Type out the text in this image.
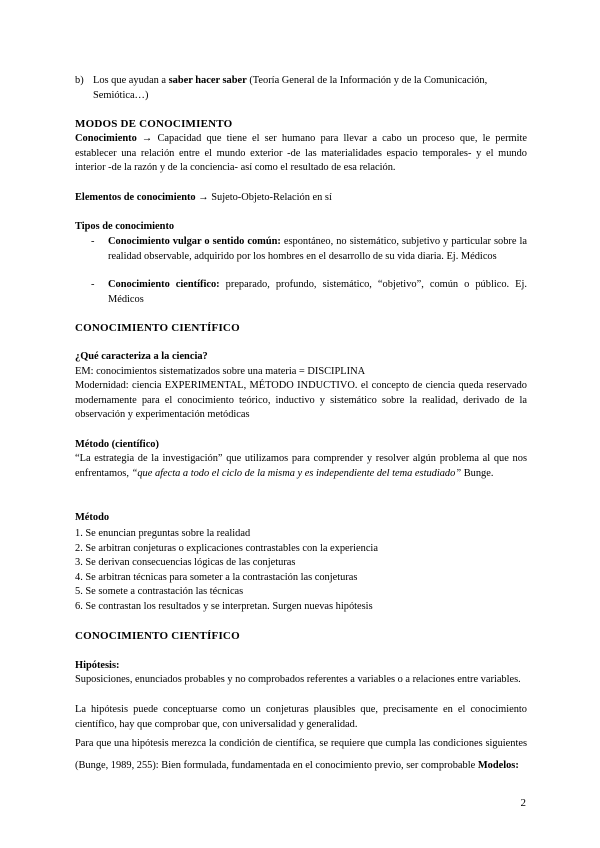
b) Los que ayudan a saber hacer saber (Teoría General de la Información y de la Comunicación,
Semiótica…)
MODOS DE CONOCIMIENTO
Conocimiento → Capacidad que tiene el ser humano para llevar a cabo un proceso que, le permite establecer una relación entre el mundo exterior -de las materialidades espacio temporales- y el mundo interior -de la razón y de la conciencia- así como el resultado de esa relación.
Elementos de conocimiento → Sujeto-Objeto-Relación en sí
Tipos de conocimiento
- Conocimiento vulgar o sentido común: espontáneo, no sistemático, subjetivo y particular sobre la realidad observable, adquirido por los hombres en el desarrollo de su vida diaria. Ej. Médicos
- Conocimiento científico: preparado, profundo, sistemático, “objetivo”, común o público. Ej. Médicos
CONOCIMIENTO CIENTÍFICO
¿Qué caracteriza a la ciencia?
EM: conocimientos sistematizados sobre una materia = DISCIPLINA
Modernidad: ciencia EXPERIMENTAL, MÉTODO INDUCTIVO. el concepto de ciencia queda reservado modernamente para el conocimiento teórico, inductivo y sistemático sobre la realidad, derivado de la observación y experimentación metódicas
Método (científico)
“La estrategia de la investigación” que utilizamos para comprender y resolver algún problema al que nos enfrentamos, “que afecta a todo el ciclo de la misma y es independiente del tema estudiado” Bunge.
Método
1. Se enuncian preguntas sobre la realidad
2. Se arbitran conjeturas o explicaciones contrastables con la experiencia
3. Se derivan consecuencias lógicas de las conjeturas
4. Se arbitran técnicas para someter a la contrastación las conjeturas
5. Se somete a contrastación las técnicas
6. Se contrastan los resultados y se interpretan. Surgen nuevas hipótesis
CONOCIMIENTO CIENTÍFICO
Hipótesis:
Suposiciones, enunciados probables y no comprobados referentes a variables o a relaciones entre variables.
La hipótesis puede conceptuarse como un conjeturas plausibles que, precisamente en el conocimiento científico, hay que comprobar que, con universalidad y generalidad.
Para que una hipótesis merezca la condición de científica, se requiere que cumpla las condiciones siguientes (Bunge, 1989, 255): Bien formulada, fundamentada en el conocimiento previo, ser comprobable Modelos:
2
